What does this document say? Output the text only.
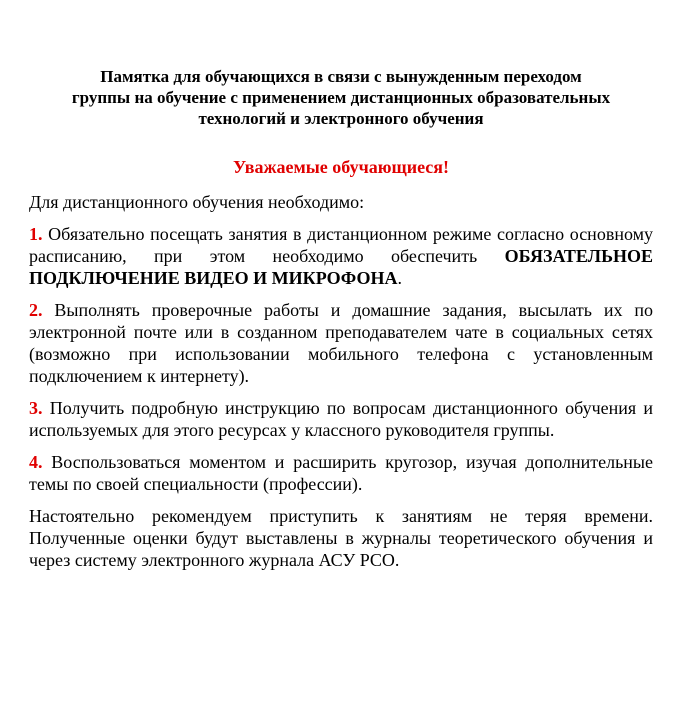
Памятка для обучающихся в связи с вынужденным переходом
группы на обучение с применением дистанционных образовательных
технологий и электронного обучения

Уважаемые обучающиеся!

Для дистанционного обучения необходимо:

1. Обязательно посещать занятия в дистанционном режиме согласно основному расписанию, при этом необходимо обеспечить ОБЯЗАТЕЛЬНОЕ ПОДКЛЮЧЕНИЕ ВИДЕО И МИКРОФОНА.

2. Выполнять проверочные работы и домашние задания, высылать их по электронной почте или в созданном преподавателем чате в социальных сетях (возможно при использовании мобильного телефона с установленным подключением к интернету).

3. Получить подробную инструкцию по вопросам дистанционного обучения и используемых для этого ресурсах у классного руководителя группы.

4. Воспользоваться моментом и расширить кругозор, изучая дополнительные темы по своей специальности (профессии).

Настоятельно рекомендуем приступить к занятиям не теряя времени. Полученные оценки будут выставлены в журналы теоретического обучения и через систему электронного журнала АСУ РСО.
